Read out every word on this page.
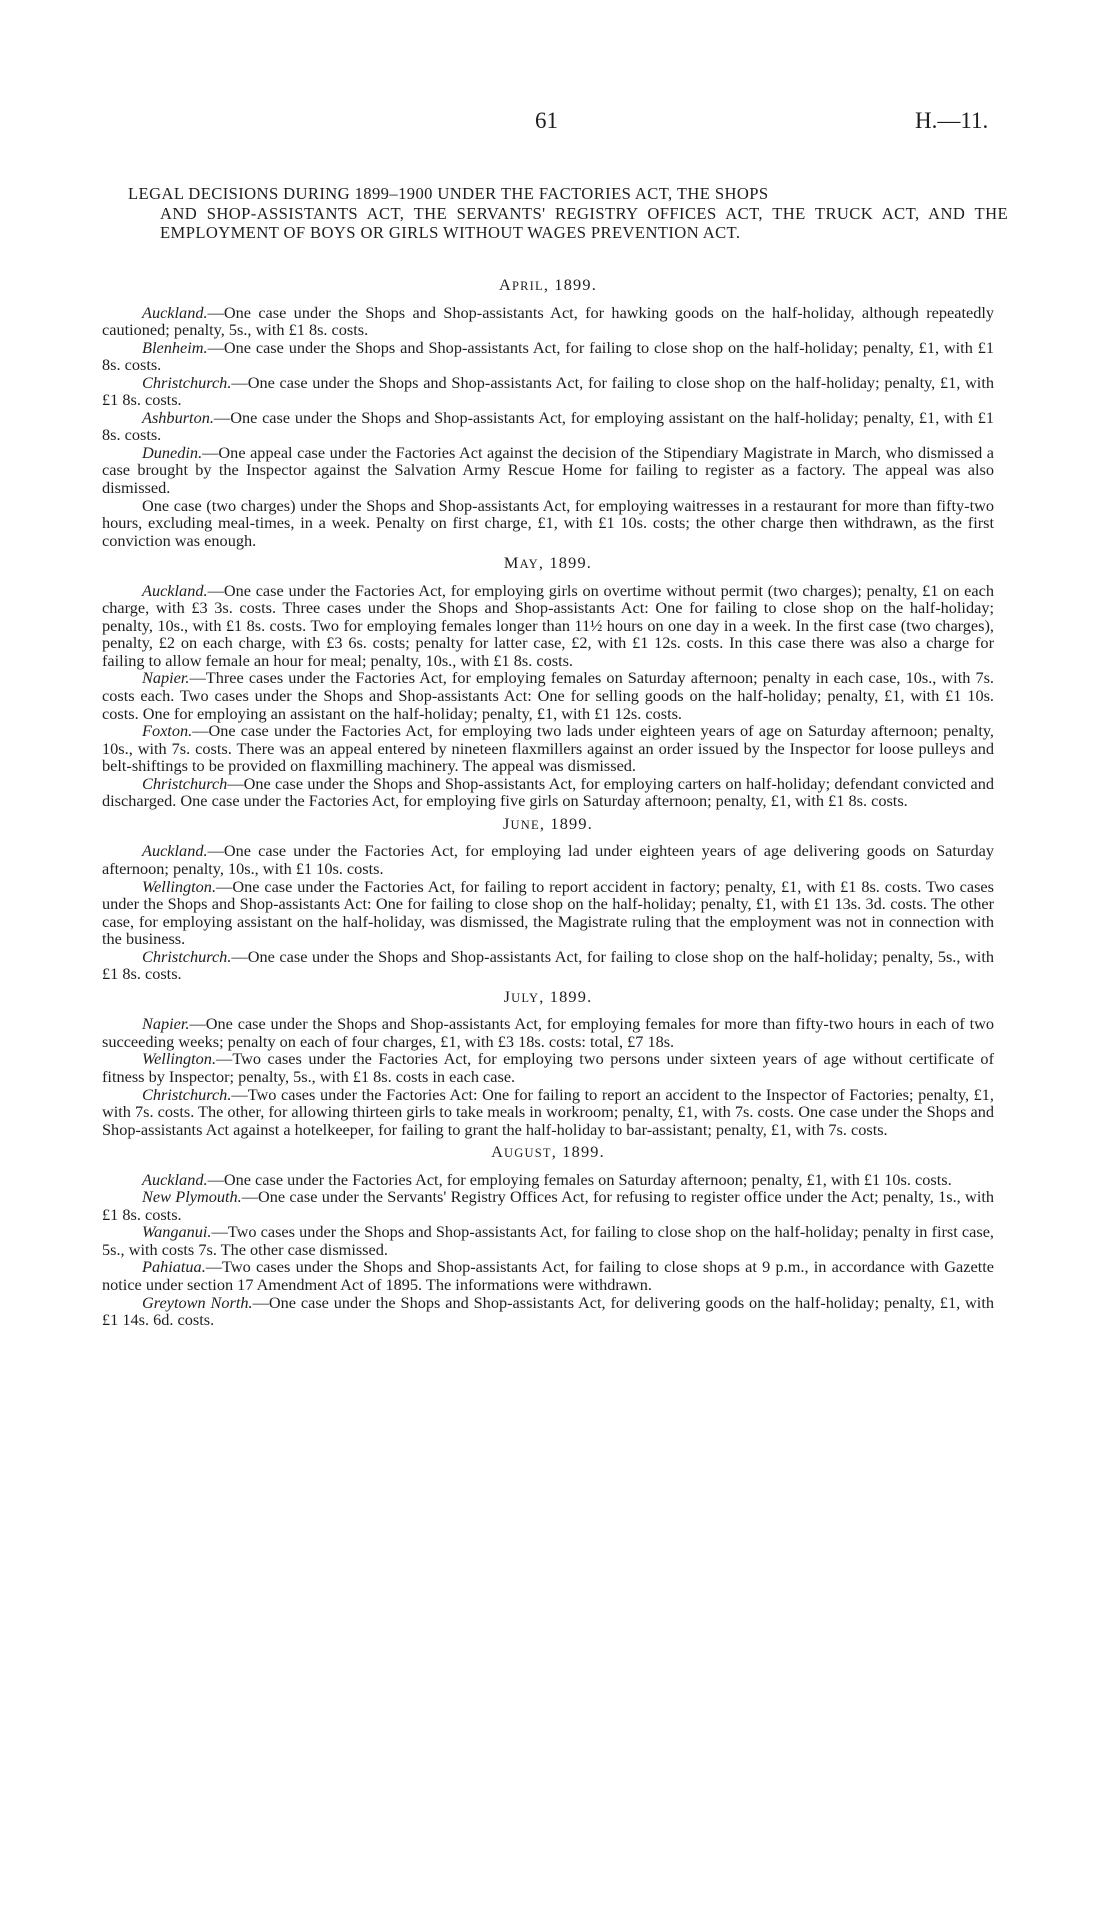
61	H.—11.
LEGAL DECISIONS DURING 1899–1900 UNDER THE FACTORIES ACT, THE SHOPS
AND SHOP-ASSISTANTS ACT, THE SERVANTS' REGISTRY OFFICES ACT, THE TRUCK ACT, AND THE EMPLOYMENT OF BOYS OR GIRLS WITHOUT WAGES PREVENTION ACT.
APRIL, 1899.

Auckland.—One case under the Shops and Shop-assistants Act, for hawking goods on the half-holiday, although repeatedly cautioned; penalty, 5s., with £1 8s. costs.

Blenheim.—One case under the Shops and Shop-assistants Act, for failing to close shop on the half-holiday; penalty, £1, with £1 8s. costs.

Christchurch.—One case under the Shops and Shop-assistants Act, for failing to close shop on the half-holiday; penalty, £1, with £1 8s. costs.

Ashburton.—One case under the Shops and Shop-assistants Act, for employing assistant on the half-holiday; penalty, £1, with £1 8s. costs.

Dunedin.—One appeal case under the Factories Act against the decision of the Stipendiary Magistrate in March, who dismissed a case brought by the Inspector against the Salvation Army Rescue Home for failing to register as a factory. The appeal was also dismissed.

One case (two charges) under the Shops and Shop-assistants Act, for employing waitresses in a restaurant for more than fifty-two hours, excluding meal-times, in a week. Penalty on first charge, £1, with £1 10s. costs; the other charge then withdrawn, as the first conviction was enough.

MAY, 1899.

Auckland.—One case under the Factories Act, for employing girls on overtime without permit (two charges); penalty, £1 on each charge, with £3 3s. costs. Three cases under the Shops and Shop-assistants Act: One for failing to close shop on the half-holiday; penalty, 10s., with £1 8s. costs. Two for employing females longer than 11½ hours on one day in a week. In the first case (two charges), penalty, £2 on each charge, with £3 6s. costs; penalty for latter case, £2, with £1 12s. costs. In this case there was also a charge for failing to allow female an hour for meal; penalty, 10s., with £1 8s. costs.

Napier.—Three cases under the Factories Act, for employing females on Saturday afternoon; penalty in each case, 10s., with 7s. costs each. Two cases under the Shops and Shop-assistants Act: One for selling goods on the half-holiday; penalty, £1, with £1 10s. costs. One for employing an assistant on the half-holiday; penalty, £1, with £1 12s. costs.

Foxton.—One case under the Factories Act, for employing two lads under eighteen years of age on Saturday afternoon; penalty, 10s., with 7s. costs. There was an appeal entered by nineteen flaxmillers against an order issued by the Inspector for loose pulleys and belt-shiftings to be provided on flaxmilling machinery. The appeal was dismissed.

Christchurch—One case under the Shops and Shop-assistants Act, for employing carters on half-holiday; defendant convicted and discharged. One case under the Factories Act, for employing five girls on Saturday afternoon; penalty, £1, with £1 8s. costs.

JUNE, 1899.

Auckland.—One case under the Factories Act, for employing lad under eighteen years of age delivering goods on Saturday afternoon; penalty, 10s., with £1 10s. costs.

Wellington.—One case under the Factories Act, for failing to report accident in factory; penalty, £1, with £1 8s. costs. Two cases under the Shops and Shop-assistants Act: One for failing to close shop on the half-holiday; penalty, £1, with £1 13s. 3d. costs. The other case, for employing assistant on the half-holiday, was dismissed, the Magistrate ruling that the employment was not in connection with the business.

Christchurch.—One case under the Shops and Shop-assistants Act, for failing to close shop on the half-holiday; penalty, 5s., with £1 8s. costs.

JULY, 1899.

Napier.—One case under the Shops and Shop-assistants Act, for employing females for more than fifty-two hours in each of two succeeding weeks; penalty on each of four charges, £1, with £3 18s. costs: total, £7 18s.

Wellington.—Two cases under the Factories Act, for employing two persons under sixteen years of age without certificate of fitness by Inspector; penalty, 5s., with £1 8s. costs in each case.

Christchurch.—Two cases under the Factories Act: One for failing to report an accident to the Inspector of Factories; penalty, £1, with 7s. costs. The other, for allowing thirteen girls to take meals in workroom; penalty, £1, with 7s. costs. One case under the Shops and Shop-assistants Act against a hotelkeeper, for failing to grant the half-holiday to bar-assistant; penalty, £1, with 7s. costs.

AUGUST, 1899.

Auckland.—One case under the Factories Act, for employing females on Saturday afternoon; penalty, £1, with £1 10s. costs.

New Plymouth.—One case under the Servants' Registry Offices Act, for refusing to register office under the Act; penalty, 1s., with £1 8s. costs.

Wanganui.—Two cases under the Shops and Shop-assistants Act, for failing to close shop on the half-holiday; penalty in first case, 5s., with costs 7s. The other case dismissed.

Pahiatua.—Two cases under the Shops and Shop-assistants Act, for failing to close shops at 9 p.m., in accordance with Gazette notice under section 17 Amendment Act of 1895. The informations were withdrawn.

Greytown North.—One case under the Shops and Shop-assistants Act, for delivering goods on the half-holiday; penalty, £1, with £1 14s. 6d. costs.
